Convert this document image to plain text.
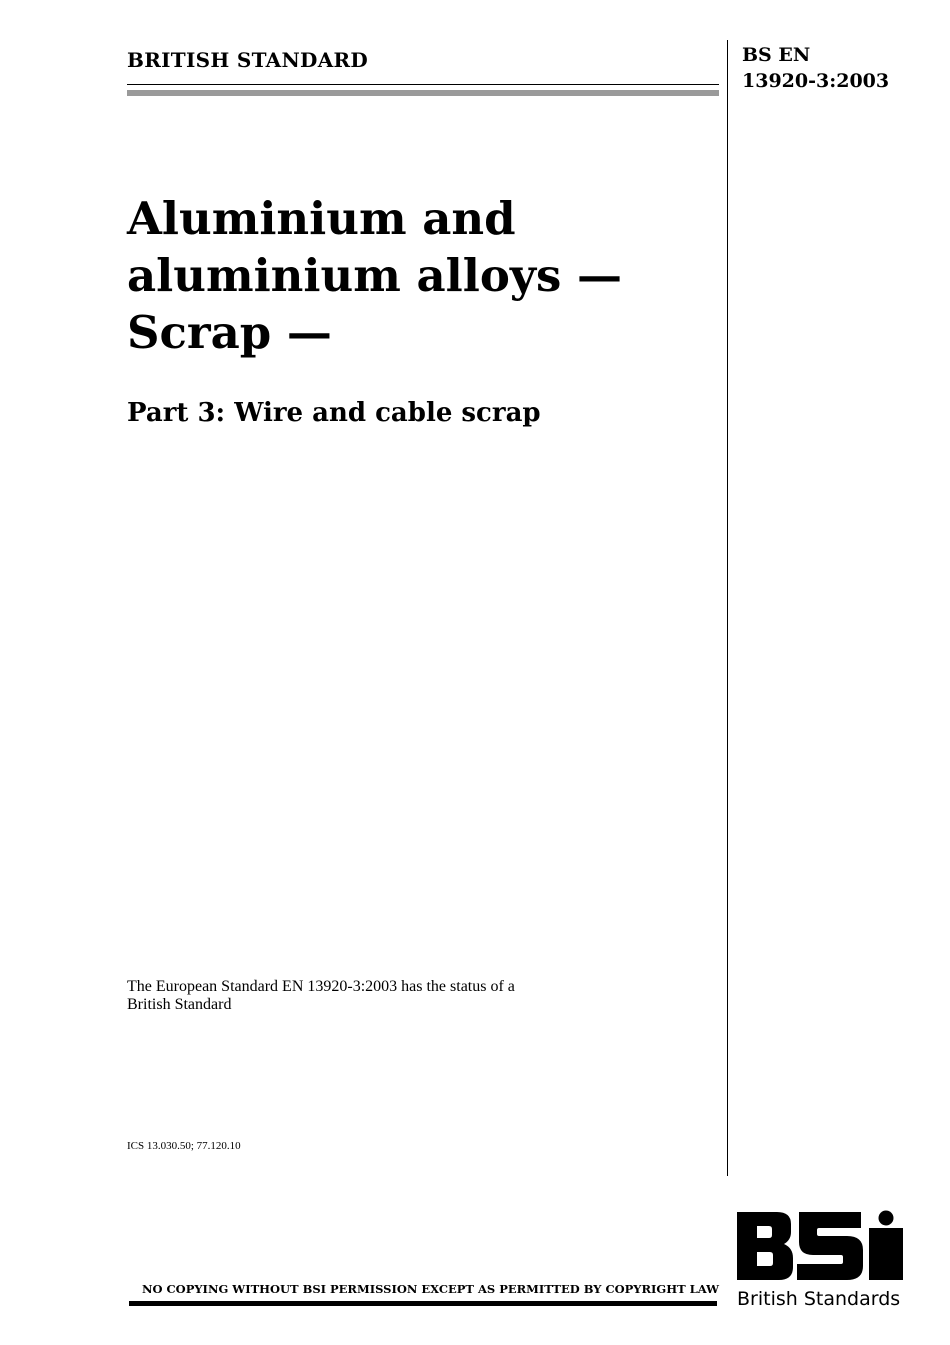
BRITISH STANDARD	BS EN
13920-3:2003
Aluminium and
aluminium alloys —
Scrap —
Part 3: Wire and cable scrap
The European Standard EN 13920-3:2003 has the status of a
British Standard
ICS 13.030.50; 77.120.10
NO COPYING WITHOUT BSI PERMISSION EXCEPT AS PERMITTED BY COPYRIGHT LAW British Standards
